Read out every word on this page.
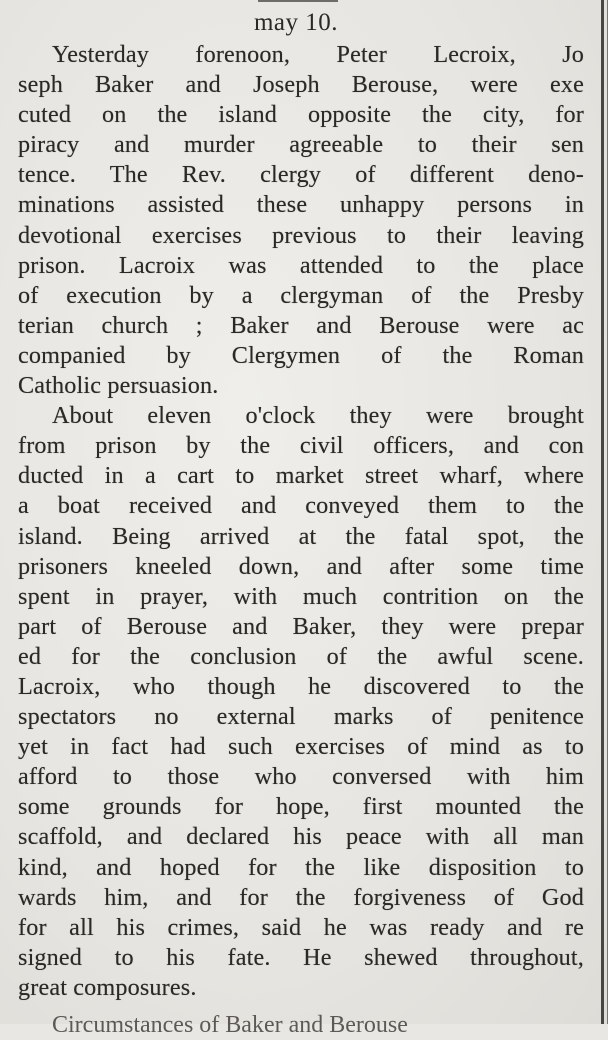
may 10.
Yesterday forenoon, Peter Lecroix, Jo
seph Baker and Joseph Berouse, were exe
cuted on the island opposite the city, for
piracy and murder agreeable to their sen
tence. The Rev. clergy of different deno-
minations assisted these unhappy persons in
devotional exercises previous to their leaving
prison. Lacroix was attended to the place
of execution by a clergyman of the Presby
terian church ; Baker and Berouse were ac
companied by Clergymen of the Roman
Catholic persuasion.
About eleven o'clock they were brought
from prison by the civil officers, and con
ducted in a cart to market street wharf, where
a boat received and conveyed them to the
island. Being arrived at the fatal spot, the
prisoners kneeled down, and after some time
spent in prayer, with much contrition on the
part of Berouse and Baker, they were prepar
ed for the conclusion of the awful scene.
Lacroix, who though he discovered to the
spectators no external marks of penitence
yet in fact had such exercises of mind as to
afford to those who conversed with him
some grounds for hope, first mounted the
scaffold, and declared his peace with all man
kind, and hoped for the like disposition to
wards him, and for the forgiveness of God
for all his crimes, said he was ready and re
signed to his fate. He shewed throughout,
great composures.
Circumstances of Baker and Berouse
